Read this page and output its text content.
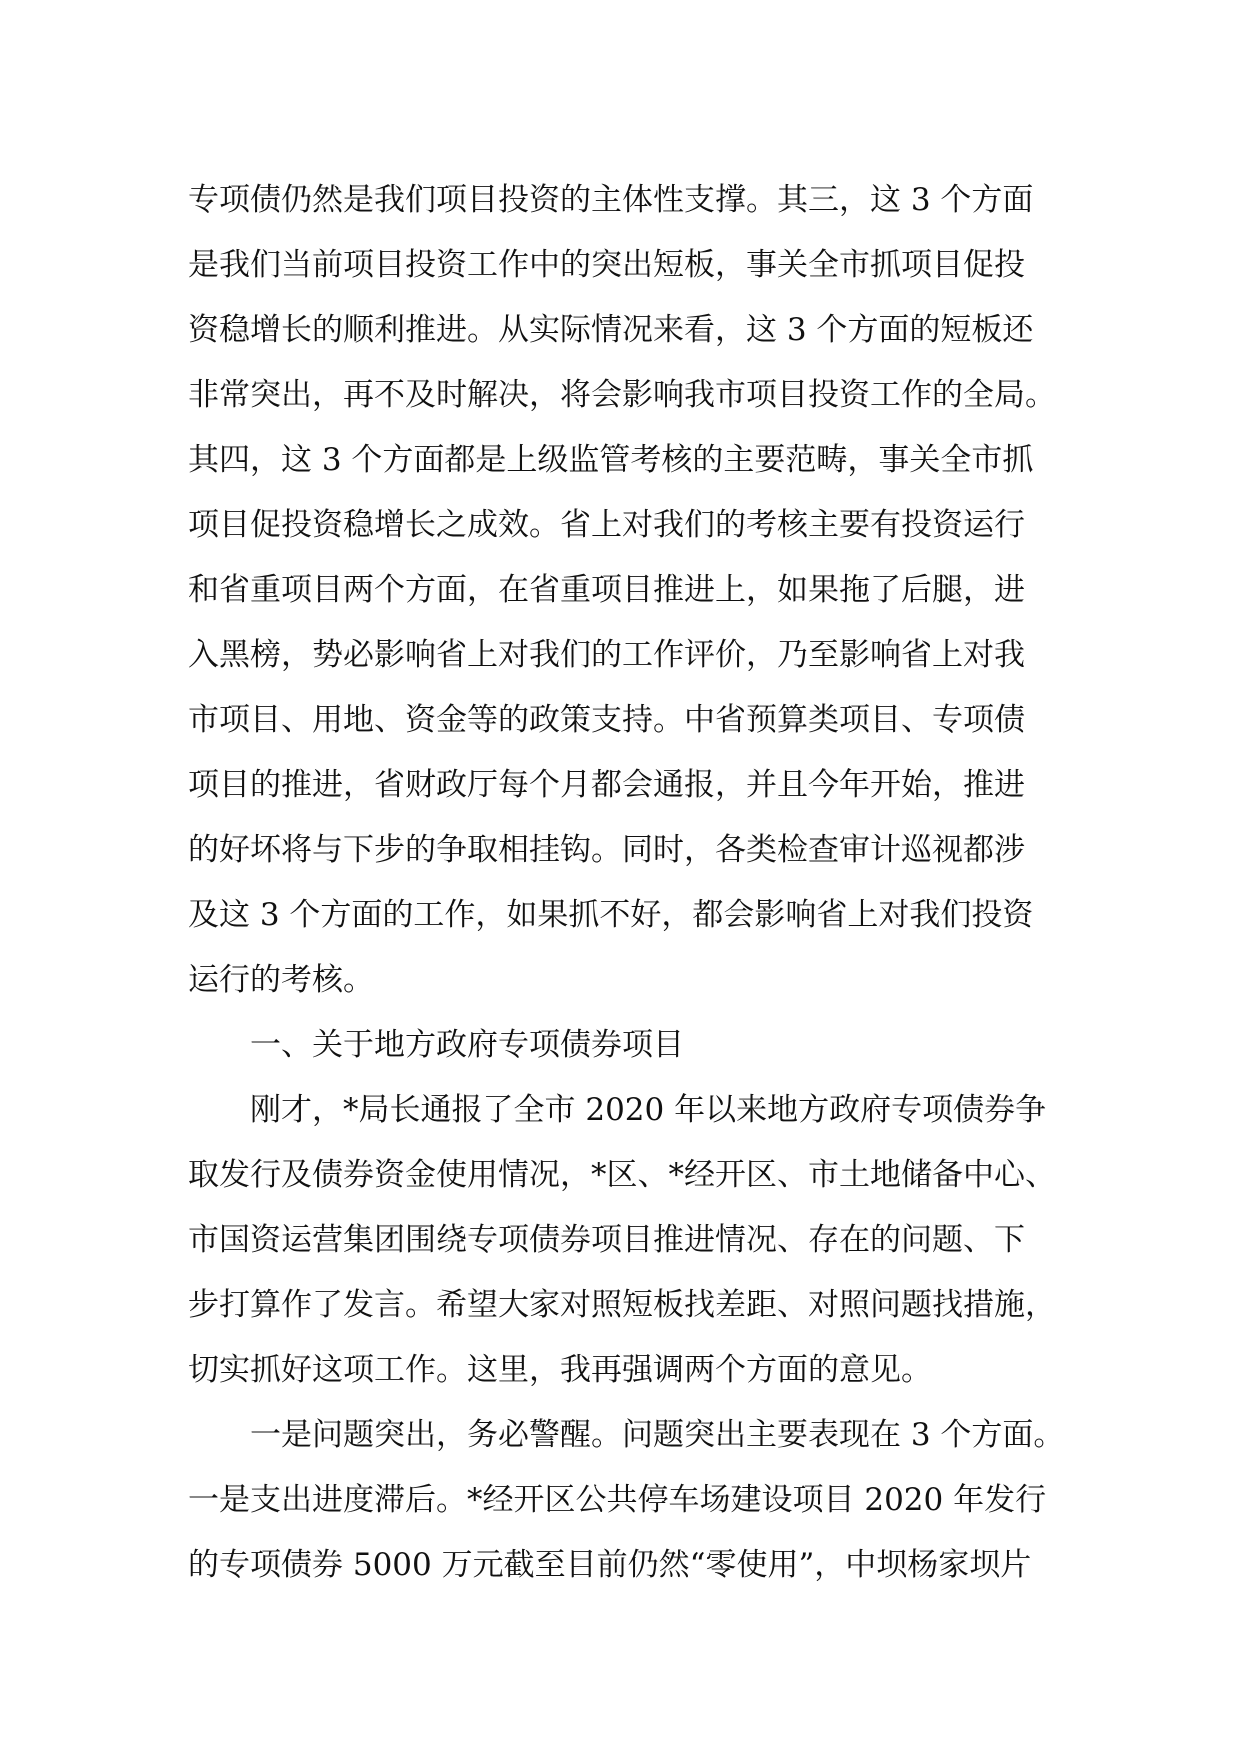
专项债仍然是我们项目投资的主体性支撑。其三，这 3 个方面
是我们当前项目投资工作中的突出短板，事关全市抓项目促投
资稳增长的顺利推进。从实际情况来看，这 3 个方面的短板还
非常突出，再不及时解决，将会影响我市项目投资工作的全局。
其四，这 3 个方面都是上级监管考核的主要范畴，事关全市抓
项目促投资稳增长之成效。省上对我们的考核主要有投资运行
和省重项目两个方面，在省重项目推进上，如果拖了后腿，进
入黑榜，势必影响省上对我们的工作评价，乃至影响省上对我
市项目、用地、资金等的政策支持。中省预算类项目、专项债
项目的推进，省财政厅每个月都会通报，并且今年开始，推进
的好坏将与下步的争取相挂钩。同时，各类检查审计巡视都涉
及这 3 个方面的工作，如果抓不好，都会影响省上对我们投资
运行的考核。
一、关于地方政府专项债券项目
刚才，*局长通报了全市 2020 年以来地方政府专项债券争
取发行及债券资金使用情况，*区、*经开区、市土地储备中心、
市国资运营集团围绕专项债券项目推进情况、存在的问题、下
步打算作了发言。希望大家对照短板找差距、对照问题找措施，
切实抓好这项工作。这里，我再强调两个方面的意见。
一是问题突出，务必警醒。问题突出主要表现在 3 个方面。
一是支出进度滞后。*经开区公共停车场建设项目 2020 年发行
的专项债券 5000 万元截至目前仍然“零使用”，中坝杨家坝片
